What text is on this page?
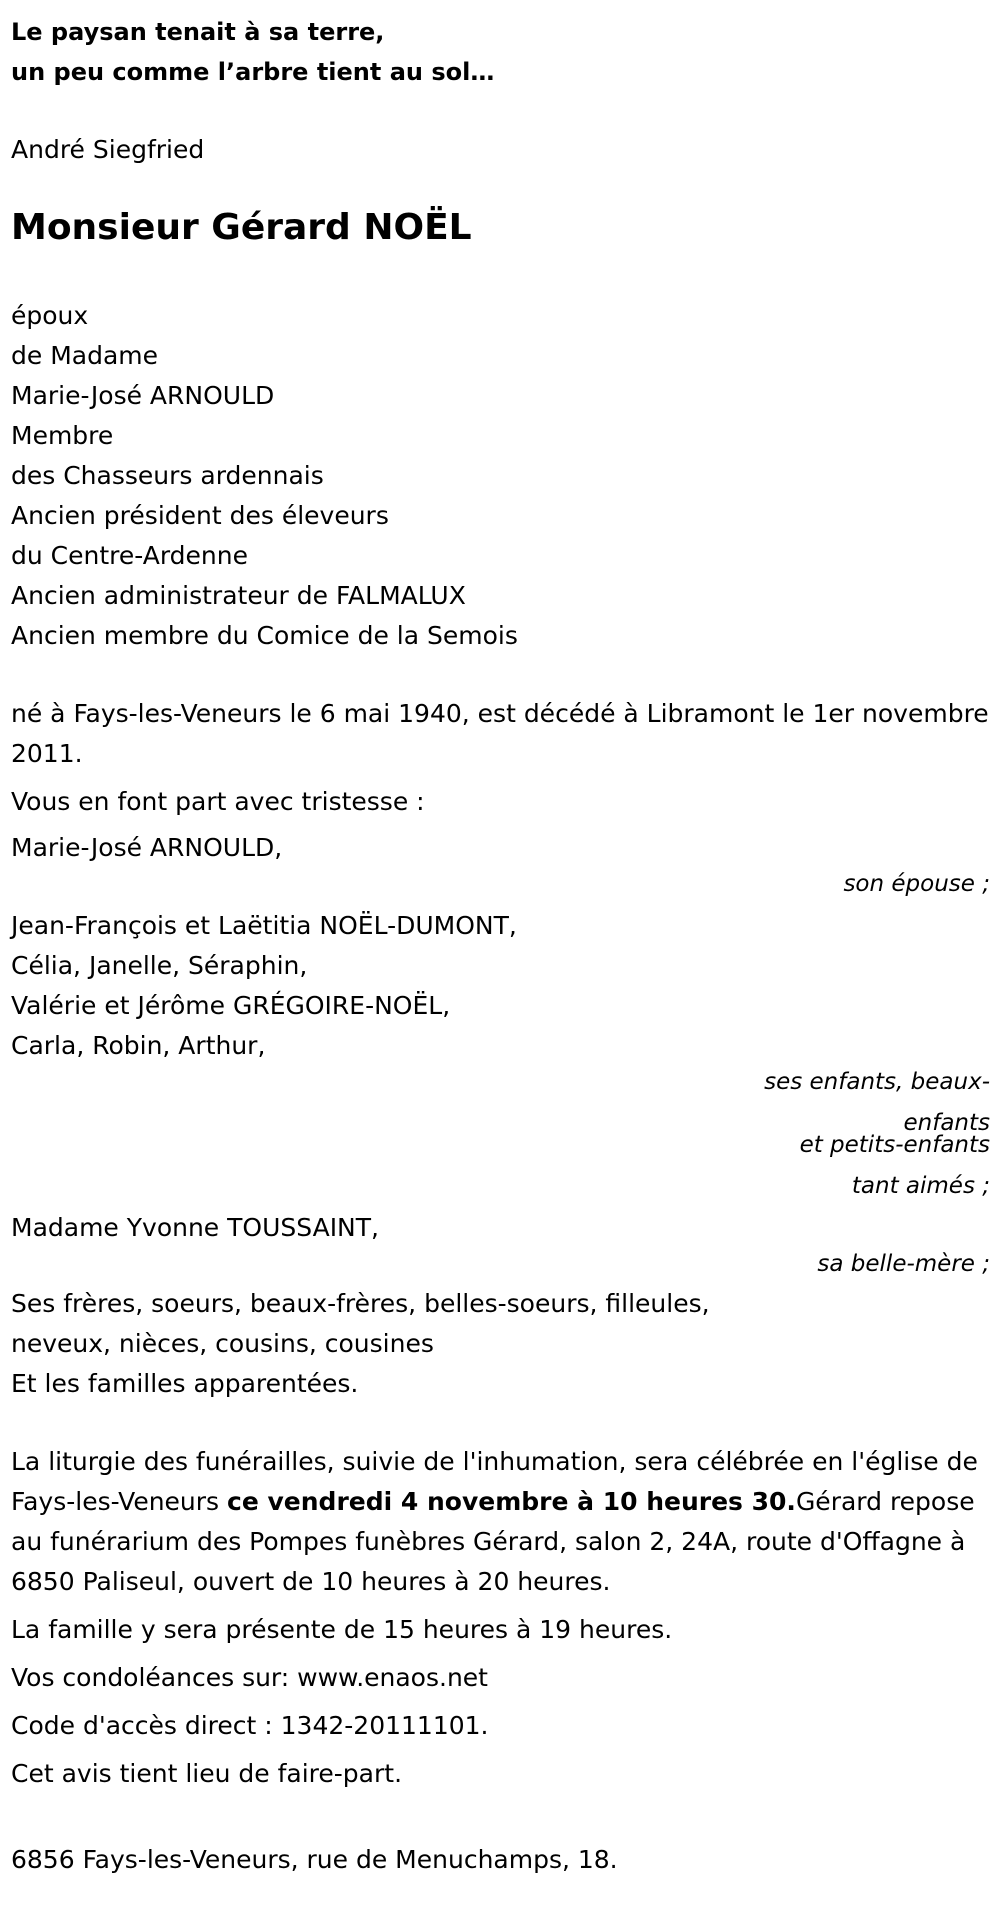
Le paysan tenait à sa terre,
un peu comme l’arbre tient au sol…
André Siegfried
Monsieur Gérard NOËL
époux
de Madame
Marie-José ARNOULD
Membre
des Chasseurs ardennais
Ancien président des éleveurs
du Centre-Ardenne
Ancien administrateur de FALMALUX
Ancien membre du Comice de la Semois
né à Fays-les-Veneurs le 6 mai 1940, est décédé à Libramont le 1er novembre 2011.

Vous en font part avec tristesse :

Marie-José ARNOULD,
son épouse ;
Jean-François et Laëtitia NOËL-DUMONT,
Célia, Janelle, Séraphin,
Valérie et Jérôme GRÉGOIRE-NOËL,
Carla, Robin, Arthur,
ses enfants, beaux-
enfants
et petits-enfants
tant aimés ;
Madame Yvonne TOUSSAINT,
sa belle-mère ;
Ses frères, soeurs, beaux-frères, belles-soeurs, filleules,
neveux, nièces, cousins, cousines
Et les familles apparentées.
La liturgie des funérailles, suivie de l'inhumation, sera célébrée en l'église de Fays-les-Veneurs ce vendredi 4 novembre à 10 heures 30.Gérard repose au funérarium des Pompes funèbres Gérard, salon 2, 24A, route d'Offagne à 6850 Paliseul, ouvert de 10 heures à 20 heures.

La famille y sera présente de 15 heures à 19 heures.

Vos condoléances sur: www.enaos.net

Code d'accès direct : 1342-20111101.

Cet avis tient lieu de faire-part.

6856 Fays-les-Veneurs, rue de Menuchamps, 18.
